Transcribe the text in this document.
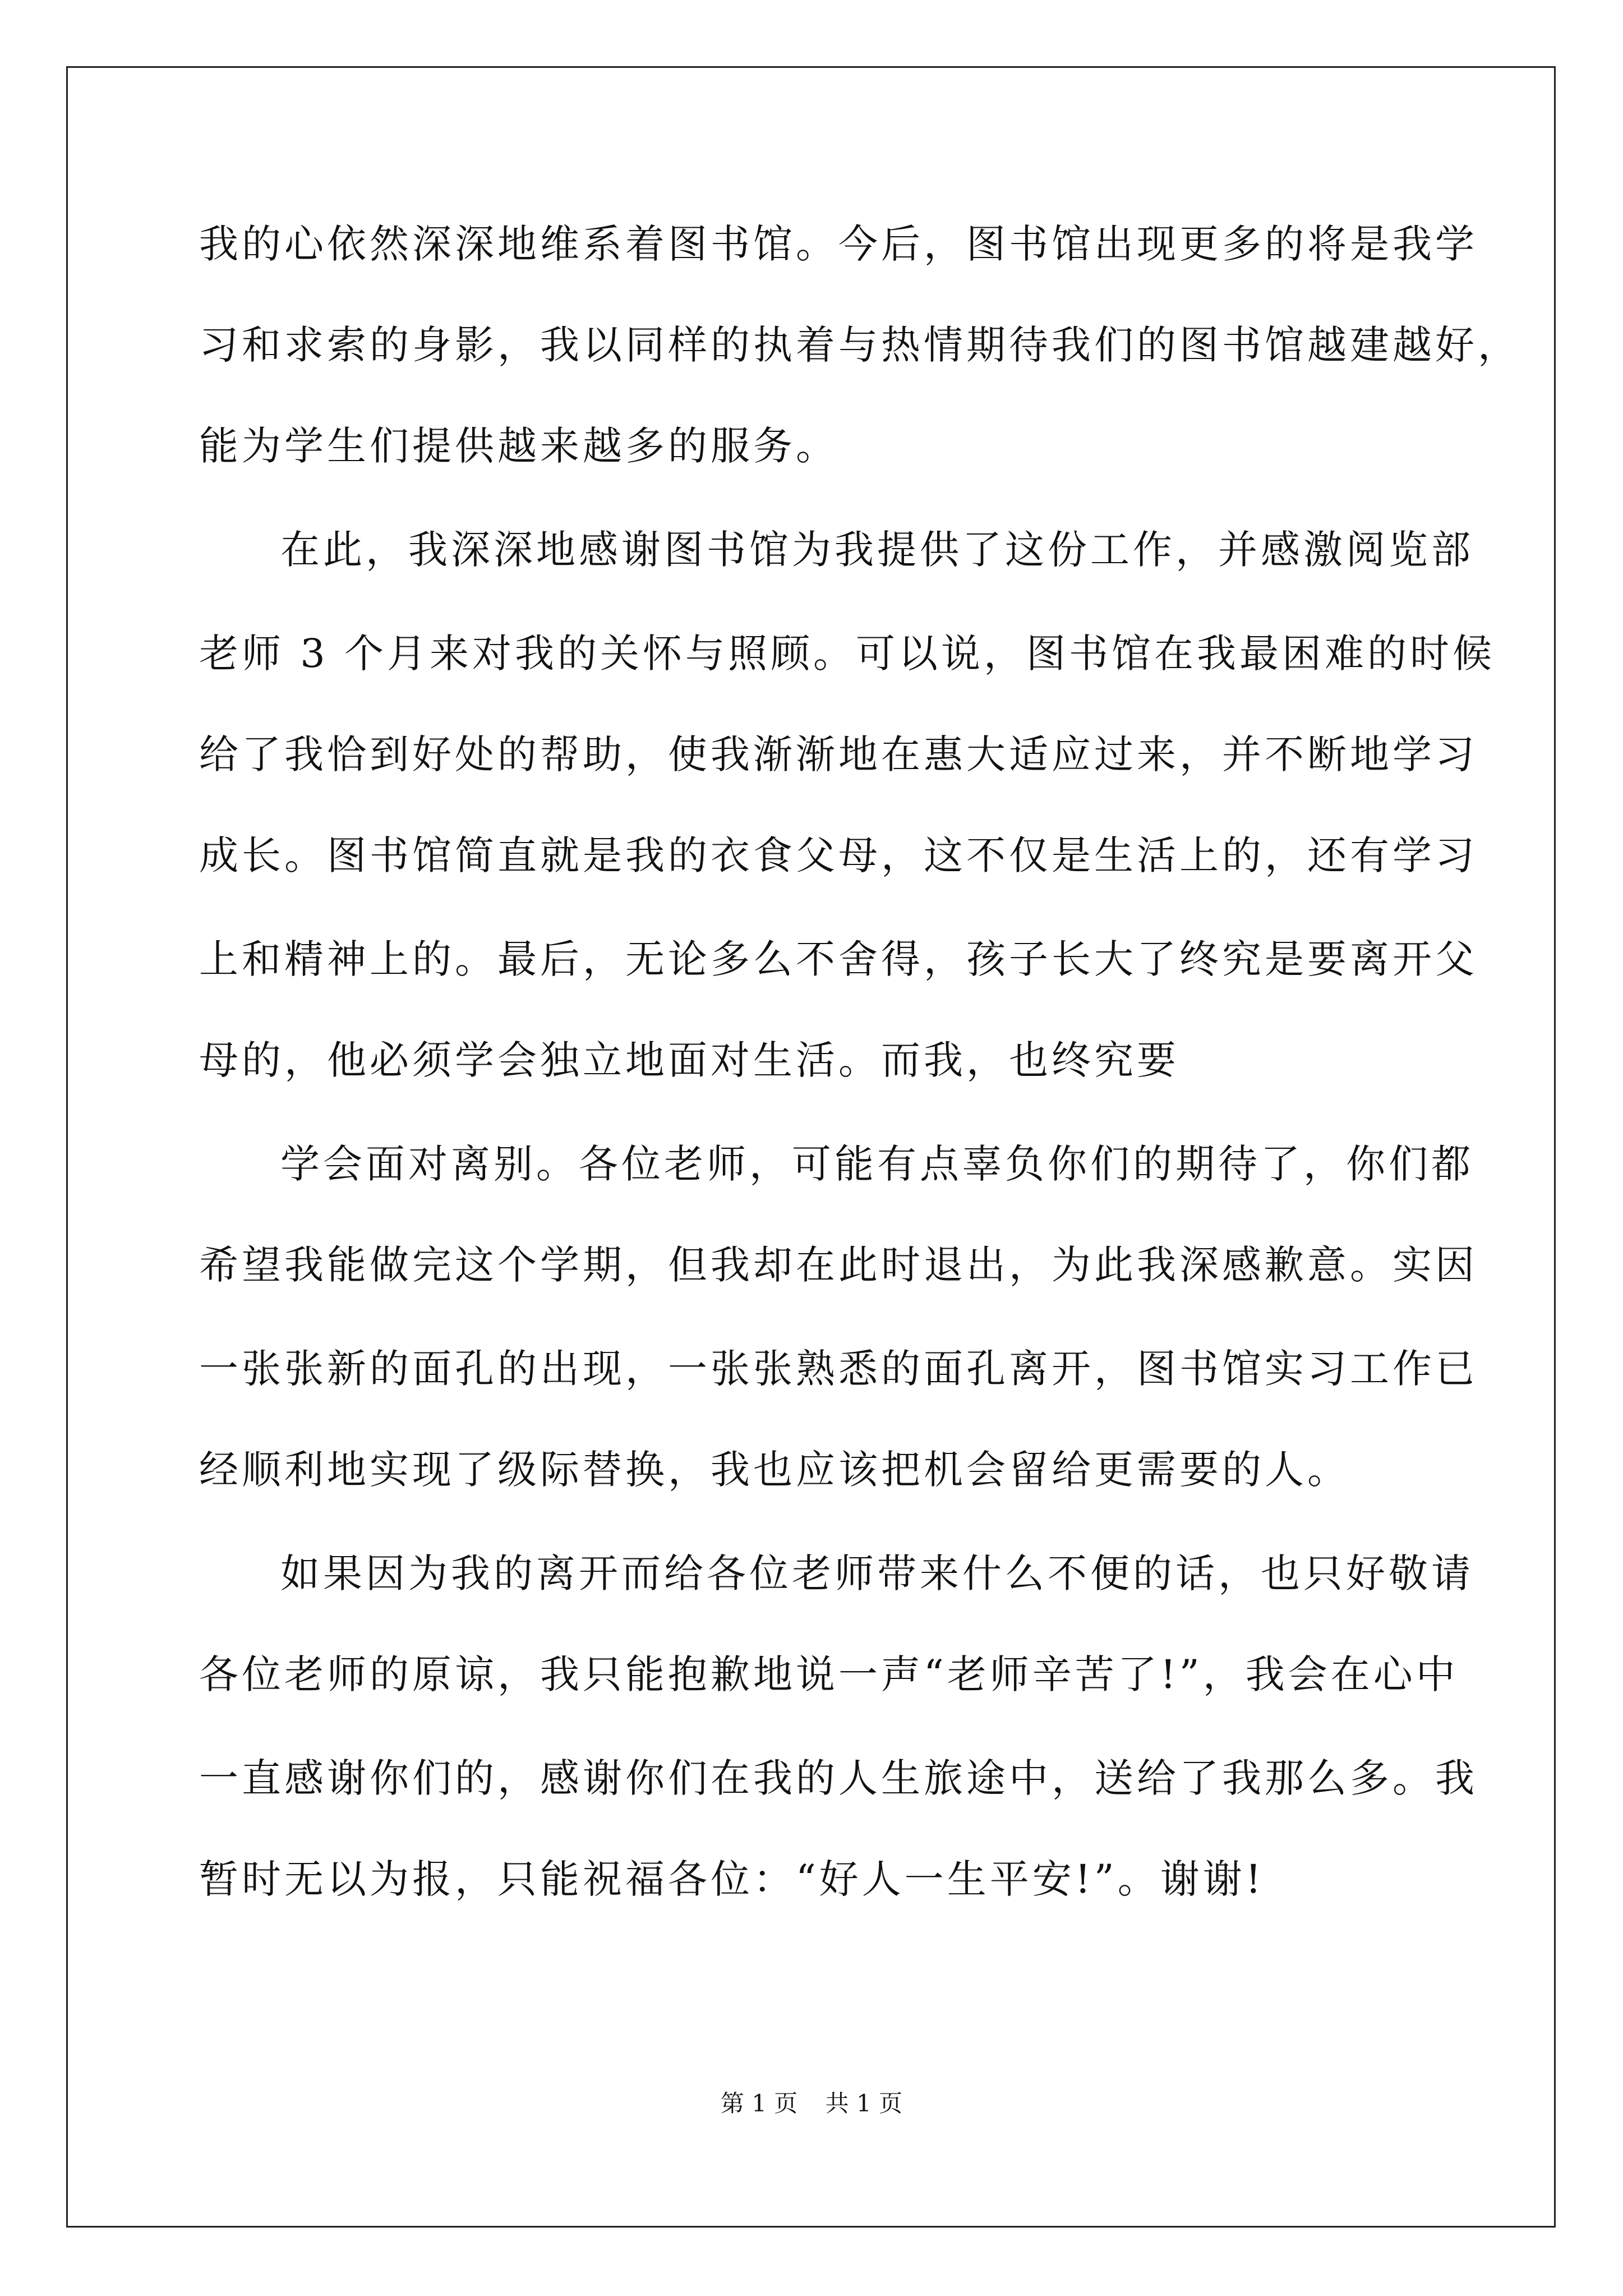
我的心依然深深地维系着图书馆。今后，图书馆出现更多的将是我学
习和求索的身影，我以同样的执着与热情期待我们的图书馆越建越好，
能为学生们提供越来越多的服务。
在此，我深深地感谢图书馆为我提供了这份工作，并感激阅览部
老师 3 个月来对我的关怀与照顾。可以说，图书馆在我最困难的时候
给了我恰到好处的帮助，使我渐渐地在惠大适应过来，并不断地学习
成长。图书馆简直就是我的衣食父母，这不仅是生活上的，还有学习
上和精神上的。最后，无论多么不舍得，孩子长大了终究是要离开父
母的，他必须学会独立地面对生活。而我，也终究要
学会面对离别。各位老师，可能有点辜负你们的期待了，你们都
希望我能做完这个学期，但我却在此时退出，为此我深感歉意。实因
一张张新的面孔的出现，一张张熟悉的面孔离开，图书馆实习工作已
经顺利地实现了级际替换，我也应该把机会留给更需要的人。
如果因为我的离开而给各位老师带来什么不便的话，也只好敬请
各位老师的原谅，我只能抱歉地说一声“老师辛苦了!”，我会在心中
一直感谢你们的，感谢你们在我的人生旅途中，送给了我那么多。我
暂时无以为报，只能祝福各位：“好人一生平安!”。谢谢!
第 1 页 共 1 页
